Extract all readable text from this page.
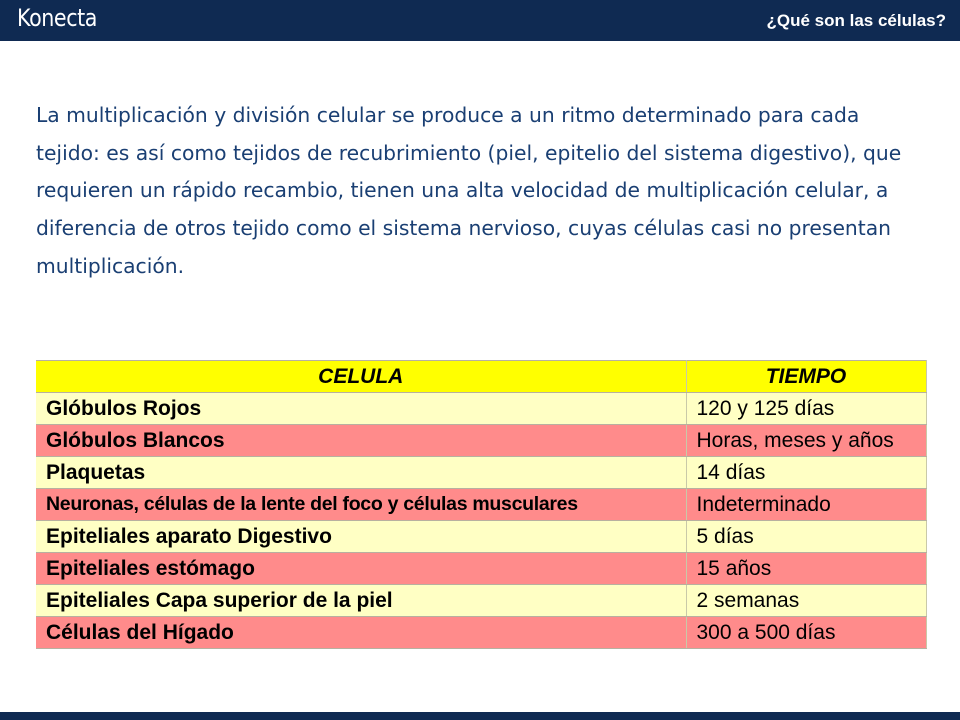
Konecta	¿Qué son las células?

La multiplicación y división celular se produce a un ritmo determinado para cada tejido: es así como tejidos de recubrimiento (piel, epitelio del sistema digestivo), que requieren un rápido recambio, tienen una alta velocidad de multiplicación celular, a diferencia de otros tejido como el sistema nervioso, cuyas células casi no presentan multiplicación.

CELULA	TIEMPO
Glóbulos Rojos	120 y 125 días
Glóbulos Blancos	Horas, meses y años
Plaquetas	14 días
Neuronas, células de la lente del foco y células musculares	Indeterminado
Epiteliales aparato Digestivo	5 días
Epiteliales estómago	15 años
Epiteliales Capa superior de la piel	2 semanas
Células del Hígado	300 a 500 días
